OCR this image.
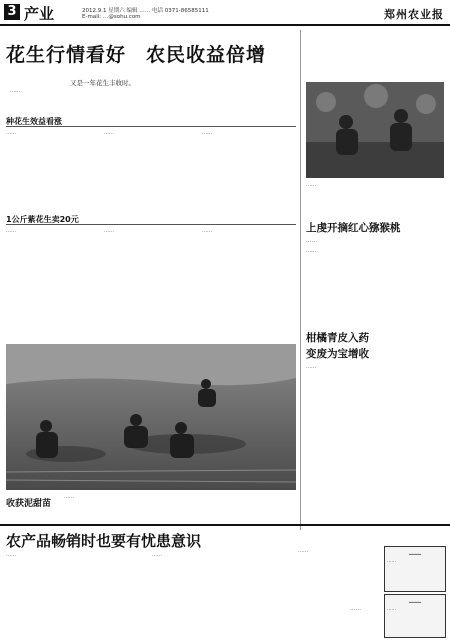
3 产业	2012.9.1 星期六 编辑 …… 电话 0371-86585111
E-mail: …@sohu.com	郑州农业报
花生行情看好　农民收益倍增
又是一年花生丰收时。
……
种花生效益看涨
……	……	……
1公斤紫花生卖20元
……	……	……
收获泥甜苗
……
……
上虔开摘红心猕猴桃
……
……
柑橘青皮入药
变废为宝增收
……
农产品畅销时也要有忧患意识
……	……
……
……
……
……
……
……
